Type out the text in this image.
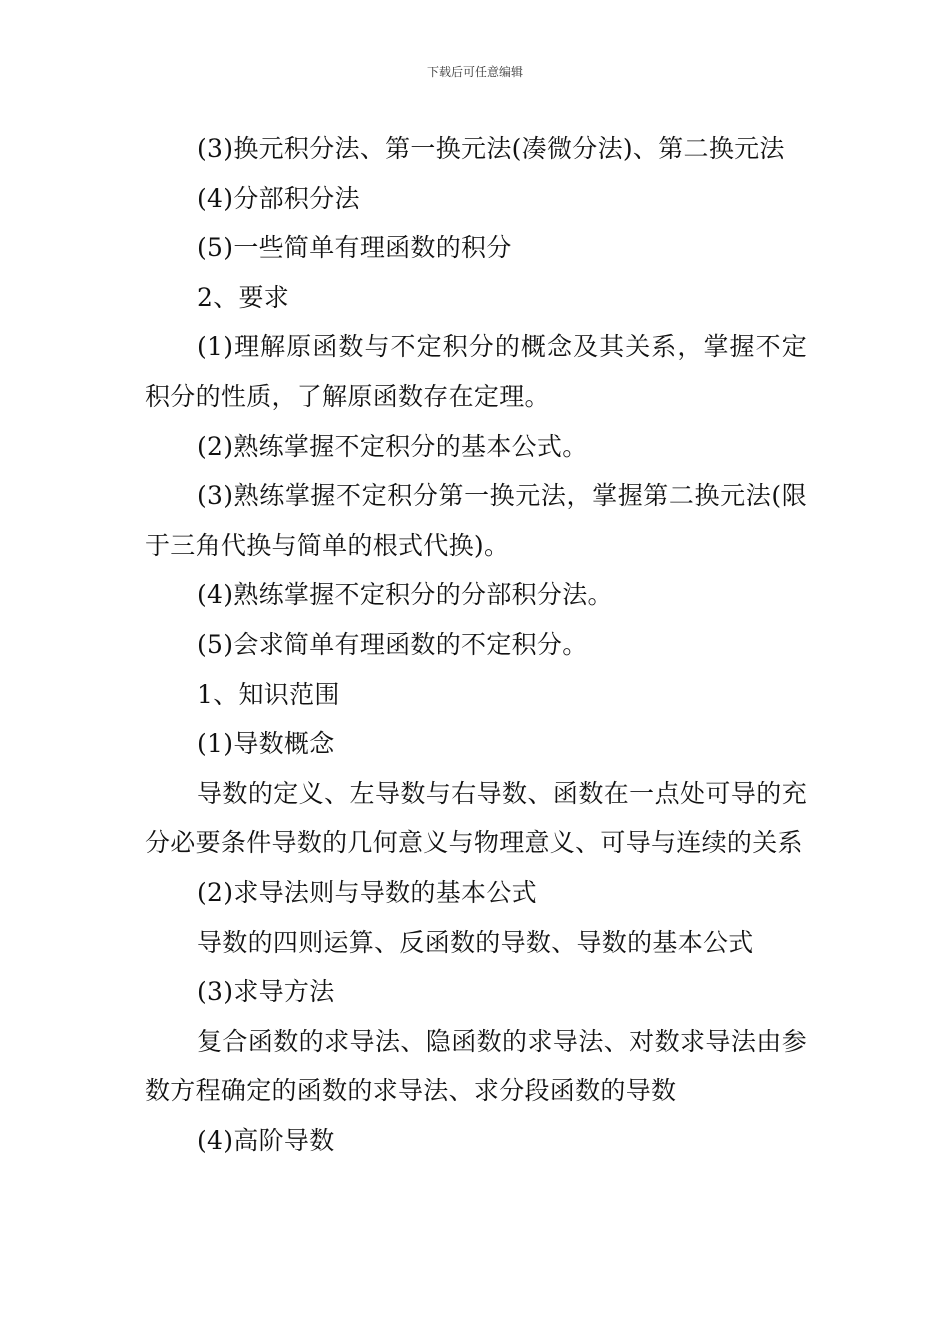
下载后可任意编辑

(3)换元积分法、第一换元法(凑微分法)、第二换元法

(4)分部积分法

(5)一些简单有理函数的积分

2、要求

(1)理解原函数与不定积分的概念及其关系，掌握不定积分的性质，了解原函数存在定理。

(2)熟练掌握不定积分的基本公式。

(3)熟练掌握不定积分第一换元法，掌握第二换元法(限于三角代换与简单的根式代换)。

(4)熟练掌握不定积分的分部积分法。

(5)会求简单有理函数的不定积分。

1、知识范围

(1)导数概念

导数的定义、左导数与右导数、函数在一点处可导的充分必要条件导数的几何意义与物理意义、可导与连续的关系

(2)求导法则与导数的基本公式

导数的四则运算、反函数的导数、导数的基本公式

(3)求导方法

复合函数的求导法、隐函数的求导法、对数求导法由参数方程确定的函数的求导法、求分段函数的导数

(4)高阶导数
